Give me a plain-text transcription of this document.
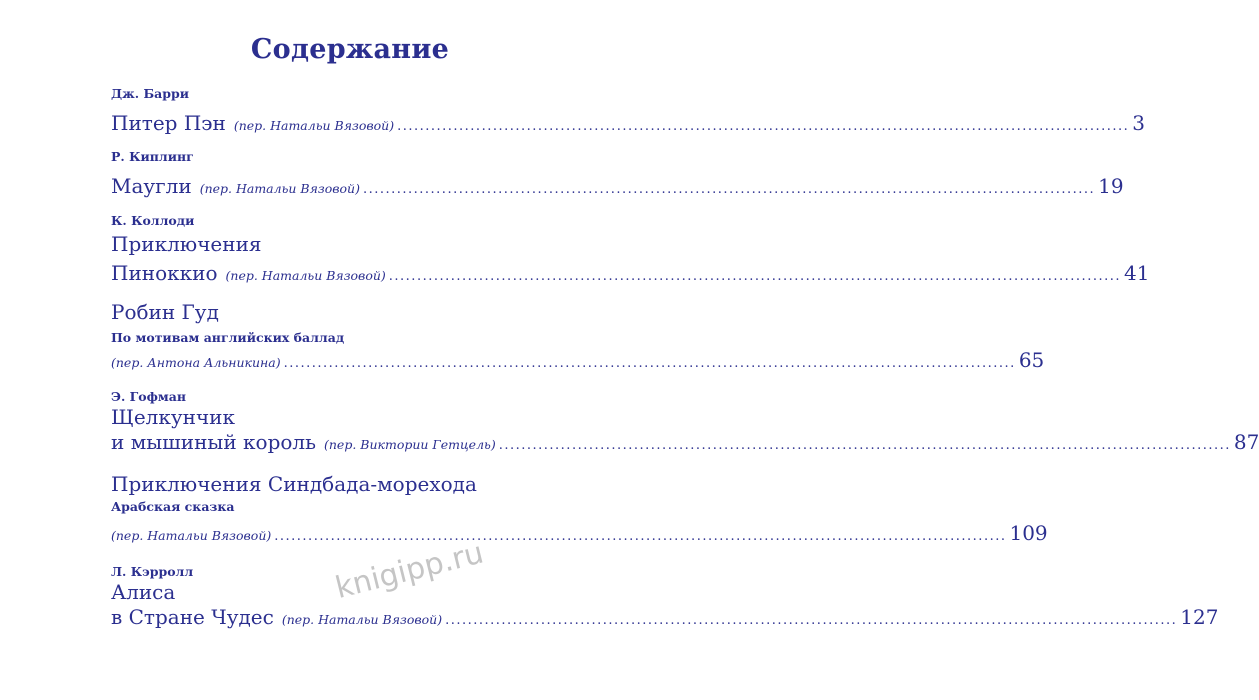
Содержание
Дж. Барри
Питер Пэн (пер. Натальи Вязовой) .................................................................................................................................. 3
Р. Киплинг
Маугли (пер. Натальи Вязовой) .................................................................................................................................. 19
К. Коллоди
Приключения
Пиноккио (пер. Натальи Вязовой) .................................................................................................................................. 41
Робин Гуд
По мотивам английских баллад
(пер. Антона Альникина) .................................................................................................................................. 65
Э. Гофман
Щелкунчик
и мышиный король (пер. Виктории Гетцель) .................................................................................................................................. 87
Приключения Синдбада-морехода
Арабская сказка
(пер. Натальи Вязовой) .................................................................................................................................. 109
Л. Кэрролл
Алиса
в Стране Чудес (пер. Натальи Вязовой) .................................................................................................................................. 127
knigipp.ru
